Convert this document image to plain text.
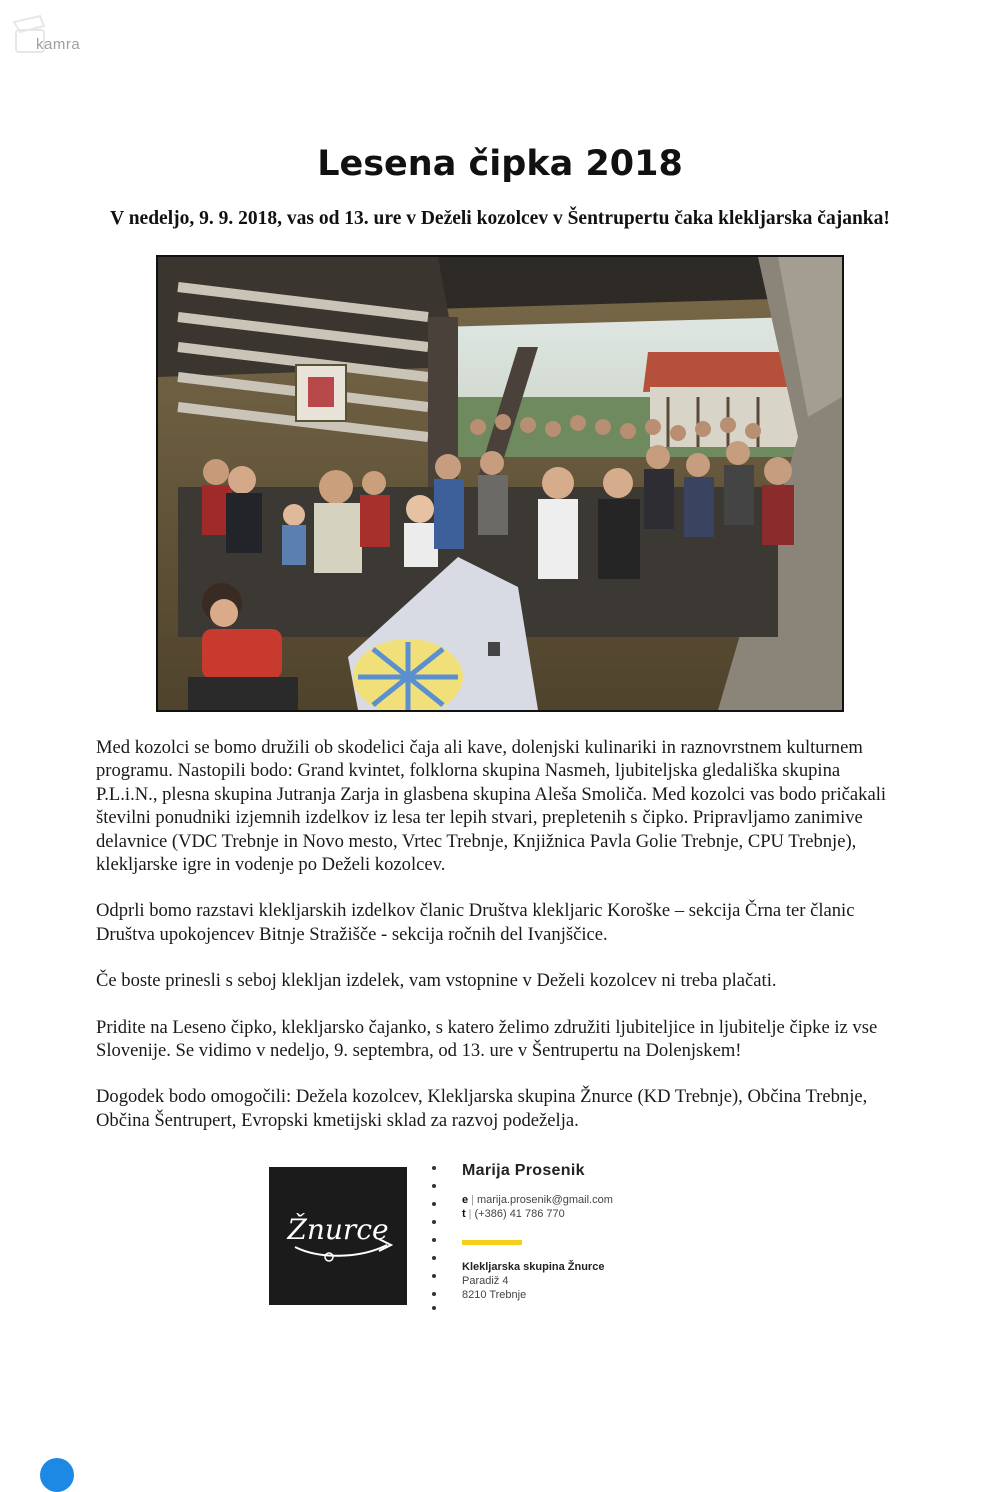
kamra
Lesena čipka 2018
V nedeljo, 9. 9. 2018, vas od 13. ure v Deželi kozolcev v Šentrupertu čaka klekljarska čajanka!

Med kozolci se bomo družili ob skodelici čaja ali kave, dolenjski kulinariki in raznovrstnem kulturnem programu. Nastopili bodo: Grand kvintet, folklorna skupina Nasmeh, ljubiteljska gledališka skupina P.L.i.N., plesna skupina Jutranja Zarja in glasbena skupina Aleša Smoliča. Med kozolci vas bodo pričakali številni ponudniki izjemnih izdelkov iz lesa ter lepih stvari, prepletenih s čipko. Pripravljamo zanimive delavnice (VDC Trebnje in Novo mesto, Vrtec Trebnje, Knjižnica Pavla Golie Trebnje, CPU Trebnje), klekljarske igre in vodenje po Deželi kozolcev.

Odprli bomo razstavi klekljarskih izdelkov članic Društva klekljaric Koroške – sekcija Črna ter članic Društva upokojencev Bitnje Stražišče - sekcija ročnih del Ivanjščice.

Če boste prinesli s seboj klekljan izdelek, vam vstopnine v Deželi kozolcev ni treba plačati.

Pridite na Leseno čipko, klekljarsko čajanko, s katero želimo združiti ljubiteljice in ljubitelje čipke iz vse Slovenije. Se vidimo v nedeljo, 9. septembra, od 13. ure v Šentrupertu na Dolenjskem!

Dogodek bodo omogočili: Dežela kozolcev, Klekljarska skupina Žnurce (KD Trebnje), Občina Trebnje, Občina Šentrupert, Evropski kmetijski sklad za razvoj podeželja.

Žnurce
Marija Prosenik
e | marija.prosenik@gmail.com
t | (+386) 41 786 770
Klekljarska skupina Žnurce
Paradiž 4
8210 Trebnje
